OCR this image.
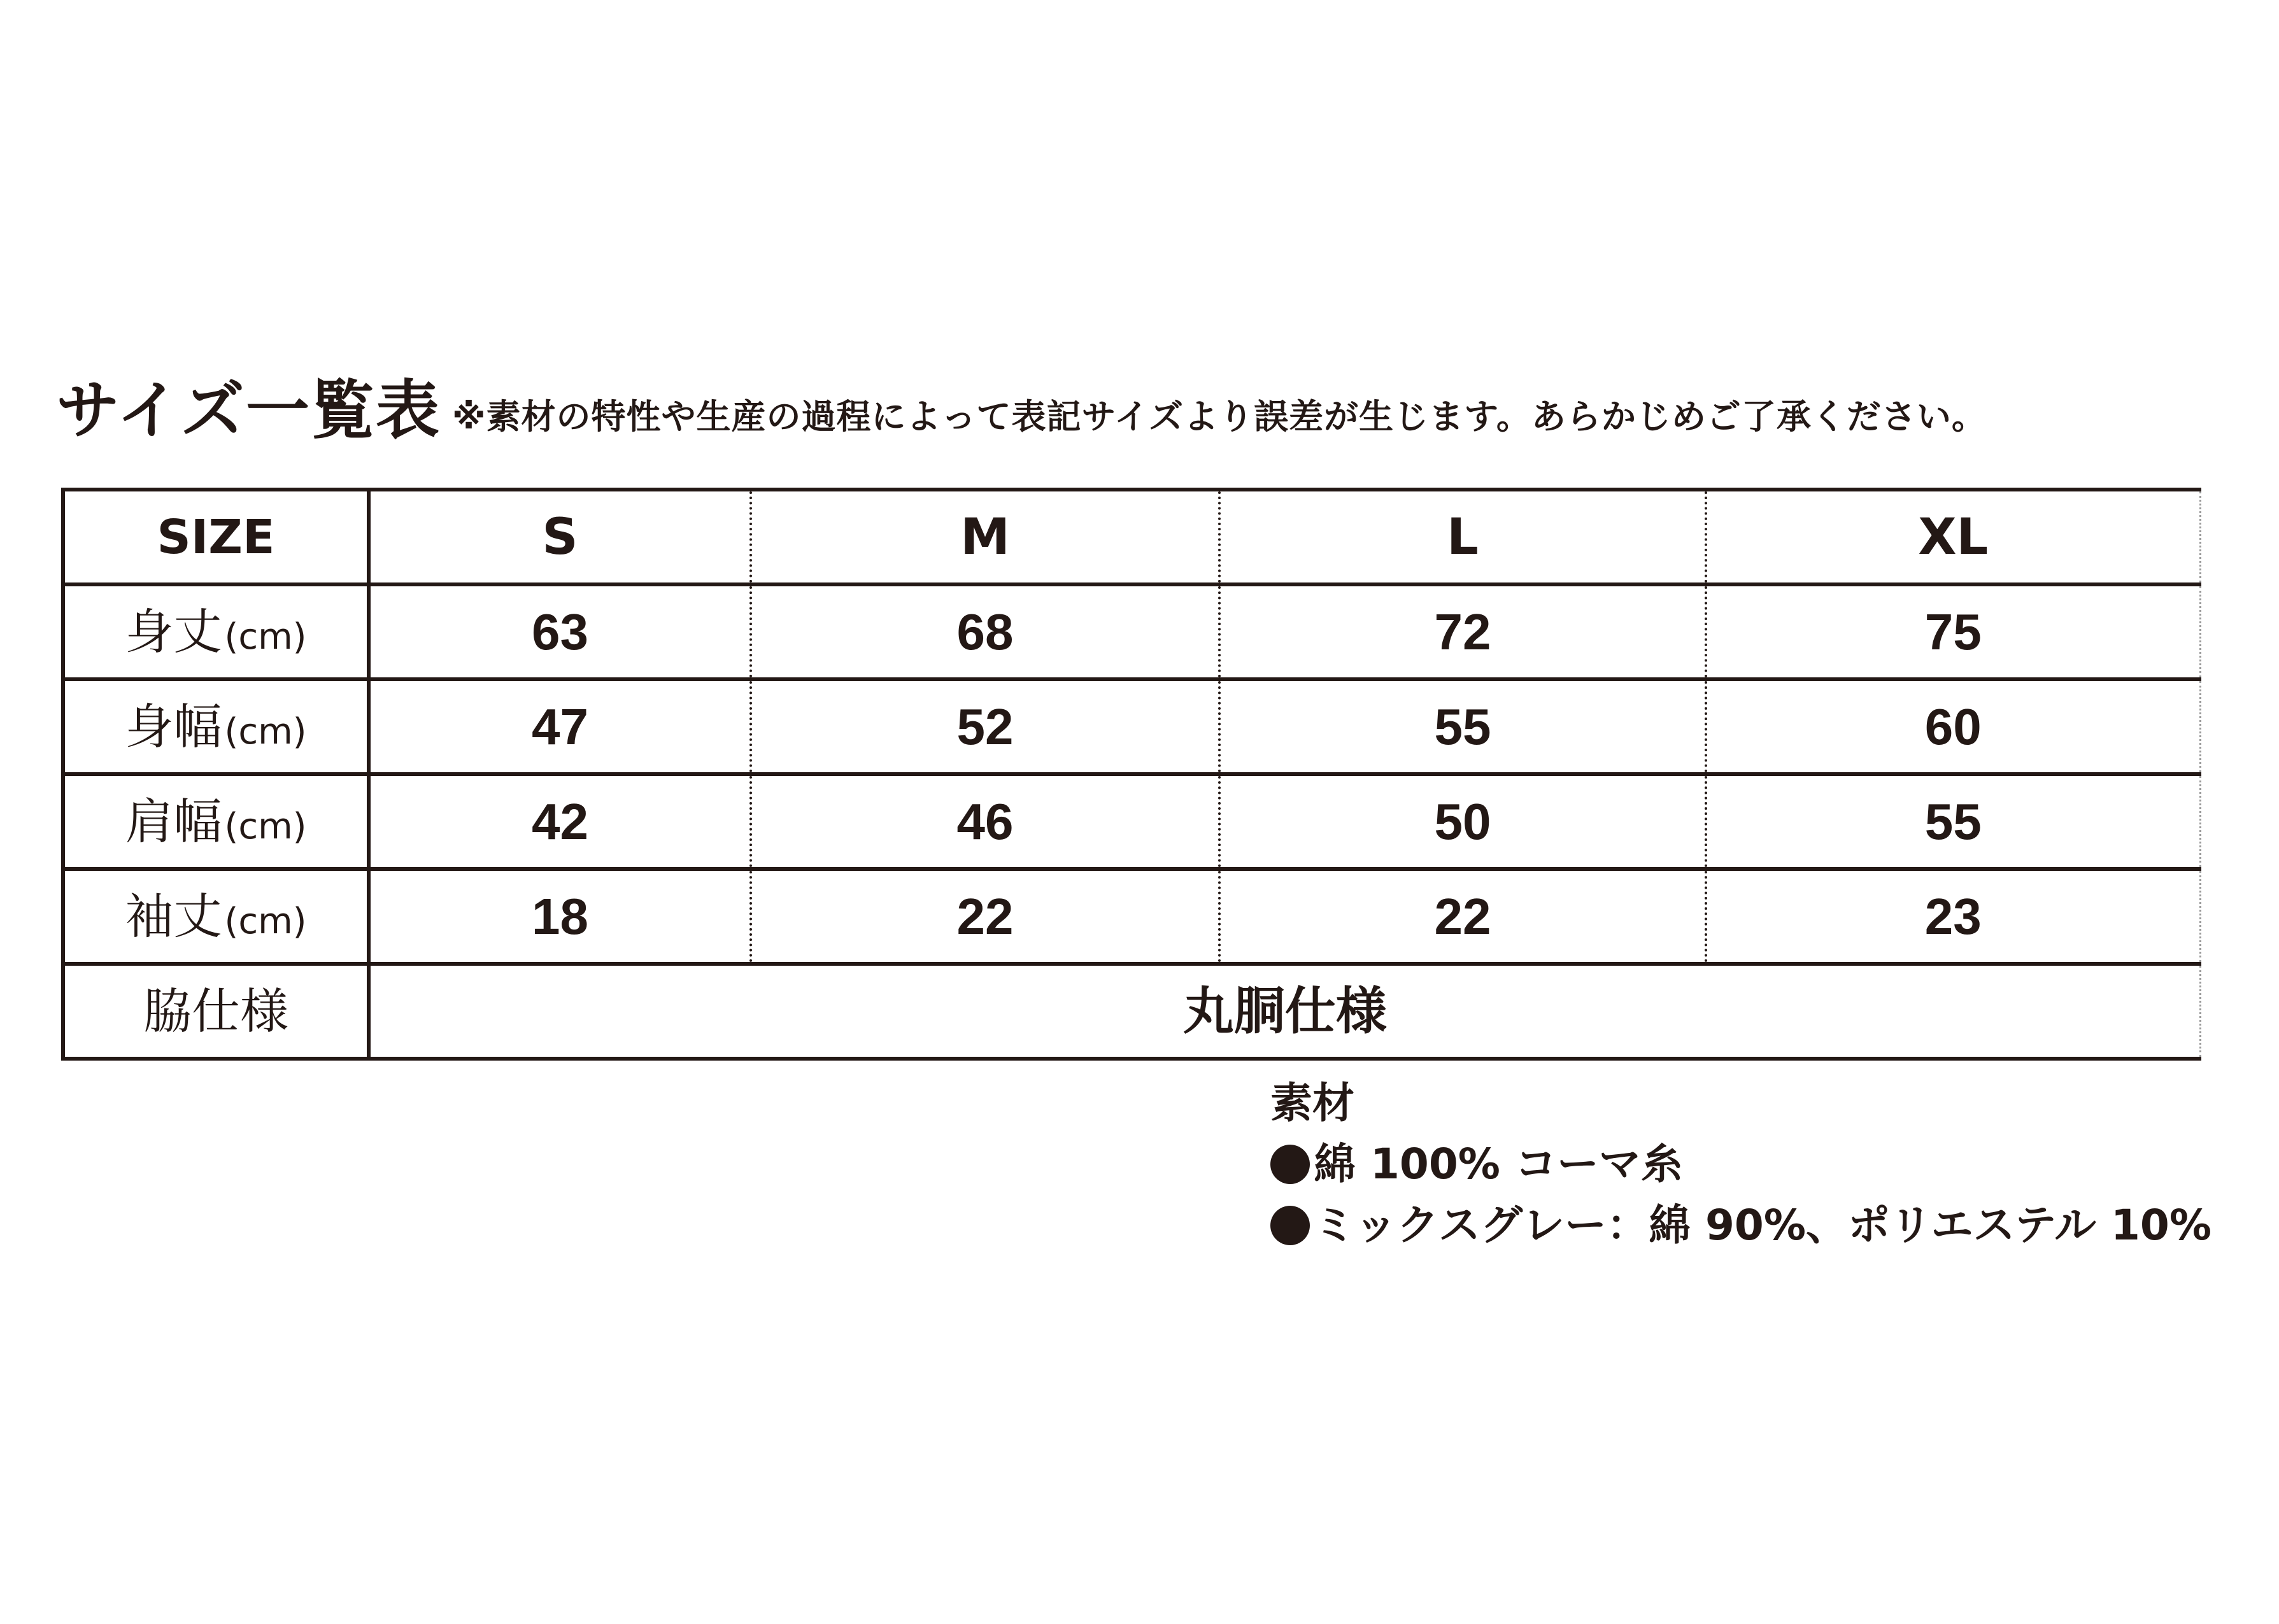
サイズ一覧表 ※素材の特性や生産の過程によって表記サイズより誤差が生じます。あらかじめご了承ください。
SIZE	S	M	L	XL
身丈(cm)	63	68	72	75
身幅(cm)	47	52	55	60
肩幅(cm)	42	46	50	55
袖丈(cm)	18	22	22	23
脇仕様	丸胴仕様			
素材
綿 100% コーマ糸
ミックスグレー：綿 90%、ポリエステル 10%
